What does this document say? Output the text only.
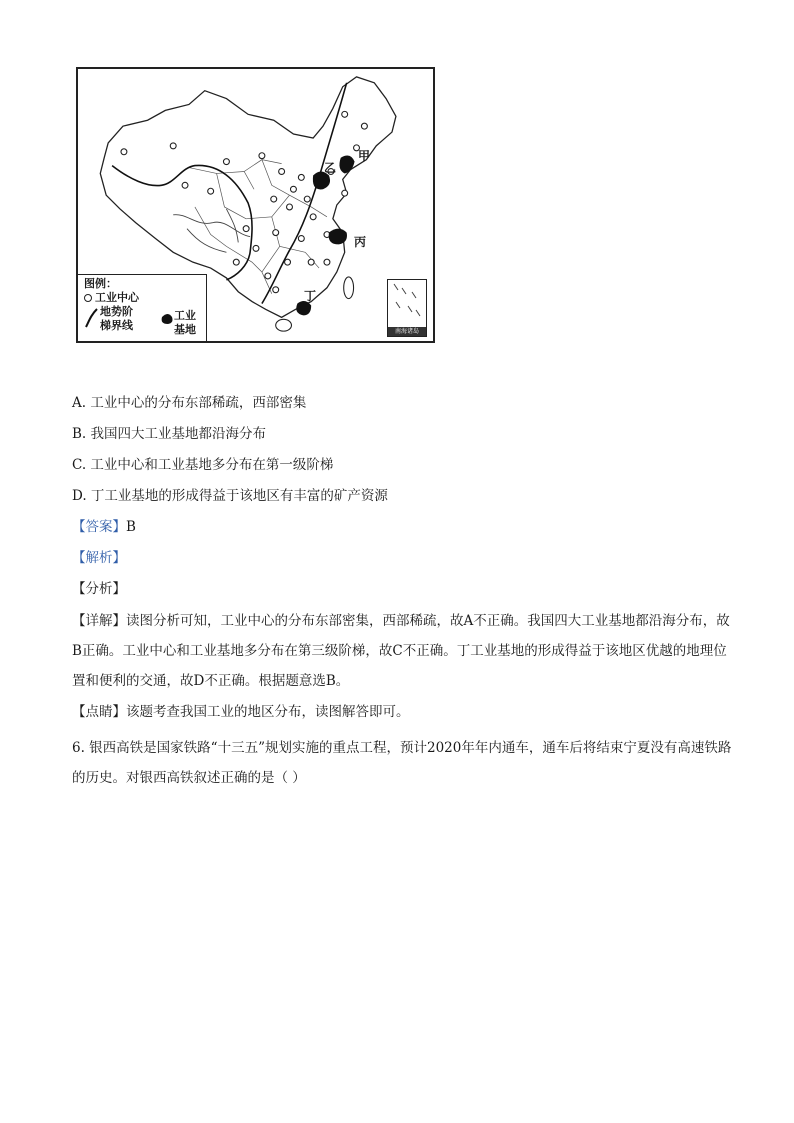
甲
乙
丙
丁
图例：
工业中心
地势阶
梯界线
工业
基地	南海诸岛
A. 工业中心的分布东部稀疏，西部密集
B. 我国四大工业基地都沿海分布
C. 工业中心和工业基地多分布在第一级阶梯
D. 丁工业基地的形成得益于该地区有丰富的矿产资源
【答案】B
【解析】
【分析】

【详解】读图分析可知，工业中心的分布东部密集，西部稀疏，故A不正确。我国四大工业基地都沿海分布，故B正确。工业中心和工业基地多分布在第三级阶梯，故C不正确。丁工业基地的形成得益于该地区优越的地理位置和便利的交通，故D不正确。根据题意选B。

【点睛】该题考查我国工业的地区分布，读图解答即可。

6. 银西高铁是国家铁路“十三五”规划实施的重点工程，预计2020年年内通车，通车后将结束宁夏没有高速铁路的历史。对银西高铁叙述正确的是（ ）
